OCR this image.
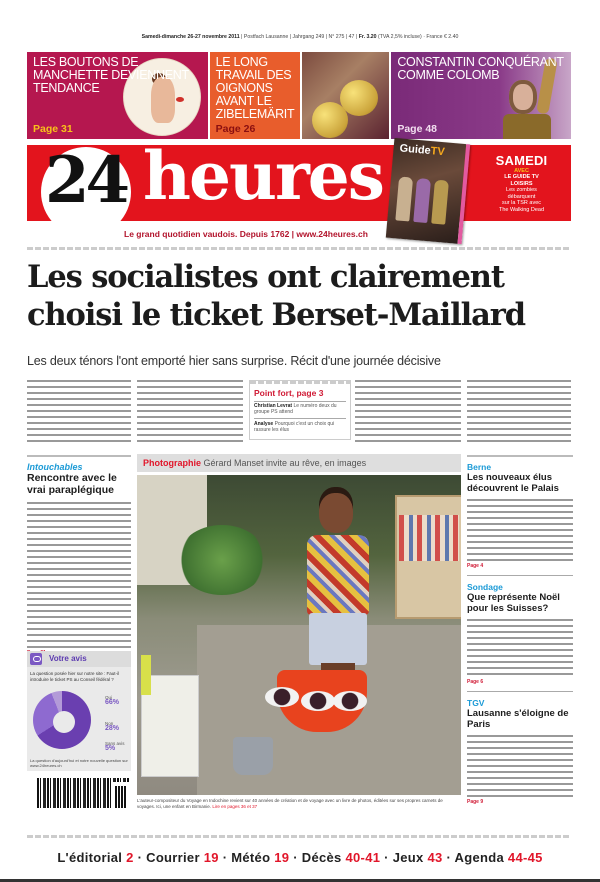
Samedi-dimanche 26-27 novembre 2011 | Postfach Lausanne | Jahrgang 249 | N° 275 | 47 | Fr. 3.20 (TVA 2,5% incluse) · France € 2.40
LES BOUTONS DE MANCHETTE DEVIENNENT TENDANCE
Page 31
LE LONG TRAVAIL DES OIGNONS AVANT LE ZIBELEMÄRIT
Page 26
CONSTANTIN CONQUÉRANT COMME COLOMB
Page 48
24 heures GuideTV
SAMEDI
AVEC
LE GUIDE TV
LOISIRS
Les zombies
débarquent
sur la TSR avec
The Walking Dead
Le grand quotidien vaudois. Depuis 1762 | www.24heures.ch
Les socialistes ont clairement choisi le ticket Berset-Maillard
Les deux ténors l'ont emporté hier sans surprise. Récit d'une journée décisive
Point fort, page 3
Christian Levrat Le numéro deux du groupe PS attend
Analyse Pourquoi c'est un choix qui rassure les élus
Intouchables
Rencontre avec le vrai paraplégique
Votre avis
La question posée hier sur notre site : Faut-il introduire le ticket PS au Conseil fédéral ?
Oui
66%
Non
28%
Sans avis
5%
La question d'aujourd'hui et notre nouvelle question sur www.24heures.ch
Photographie Gérard Manset invite au rêve, en images
L'auteur-compositeur du Voyage en Indochine revient sur 40 années de création et de voyage avec un livre de photos, éditées sur ses propres carnets de voyages. Ici, une enfant en Birmanie. Lire en pages 36 et 37
Berne
Les nouveaux élus découvrent le Palais
Page 4
Sondage
Que représente Noël pour les Suisses?
Page 6
TGV
Lausanne s'éloigne de Paris
Page 9
L'éditorial 2 · Courrier 19 · Météo 19 · Décès 40-41 · Jeux 43 · Agenda 44-45
